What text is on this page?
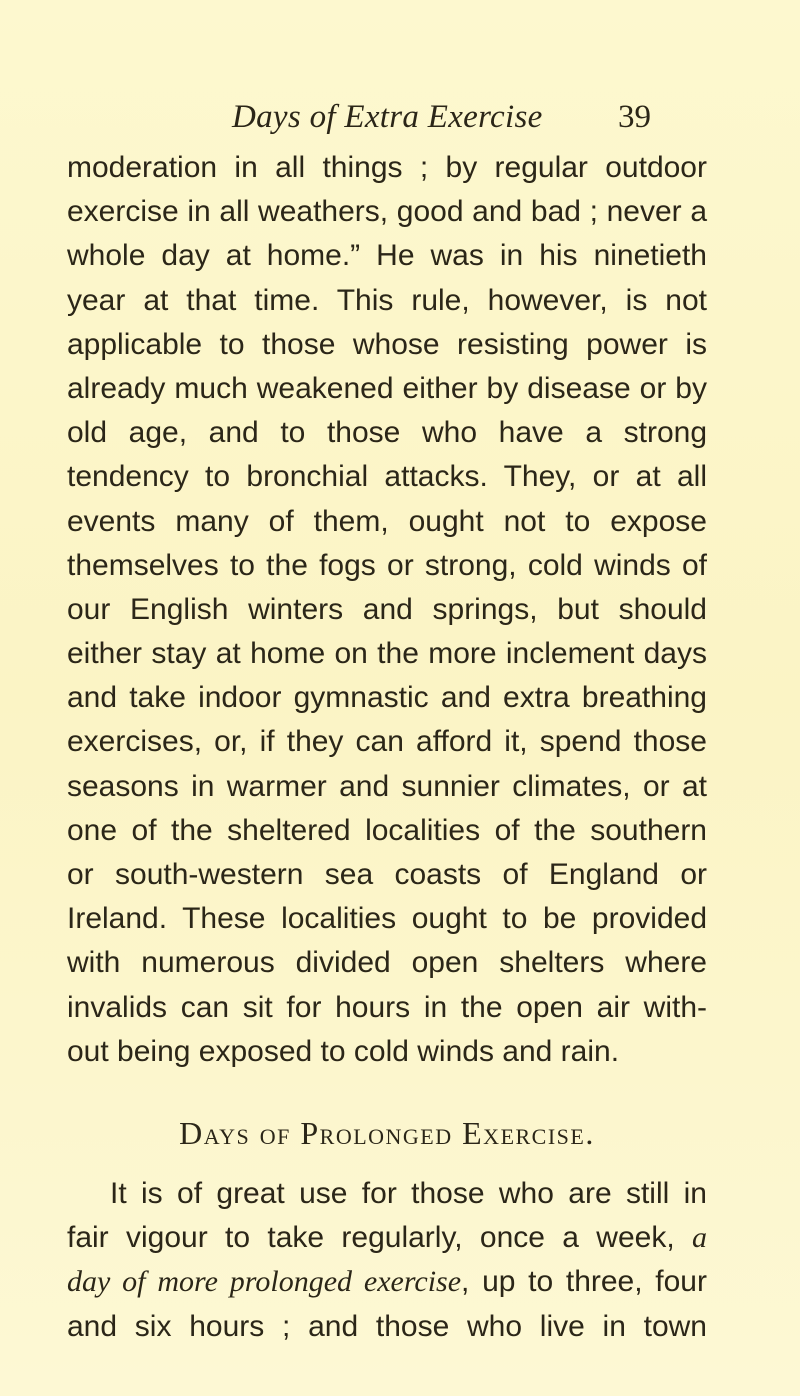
Days of Extra Exercise 39
moderation in all things ; by regular outdoor
exercise in all weathers, good and bad ; never a
whole day at home.” He was in his ninetieth
year at that time. This rule, however, is not
applicable to those whose resisting power is
already much weakened either by disease or by
old age, and to those who have a strong
tendency to bronchial attacks. They, or at all
events many of them, ought not to expose
themselves to the fogs or strong, cold winds of
our English winters and springs, but should
either stay at home on the more inclement days
and take indoor gymnastic and extra breathing
exercises, or, if they can afford it, spend those
seasons in warmer and sunnier climates, or at
one of the sheltered localities of the southern
or south-western sea coasts of England or
Ireland. These localities ought to be provided
with numerous divided open shelters where
invalids can sit for hours in the open air with-
out being exposed to cold winds and rain.
Days of Prolonged Exercise.
It is of great use for those who are still in
fair vigour to take regularly, once a week, a
day of more prolonged exercise, up to three, four
and six hours ; and those who live in town
